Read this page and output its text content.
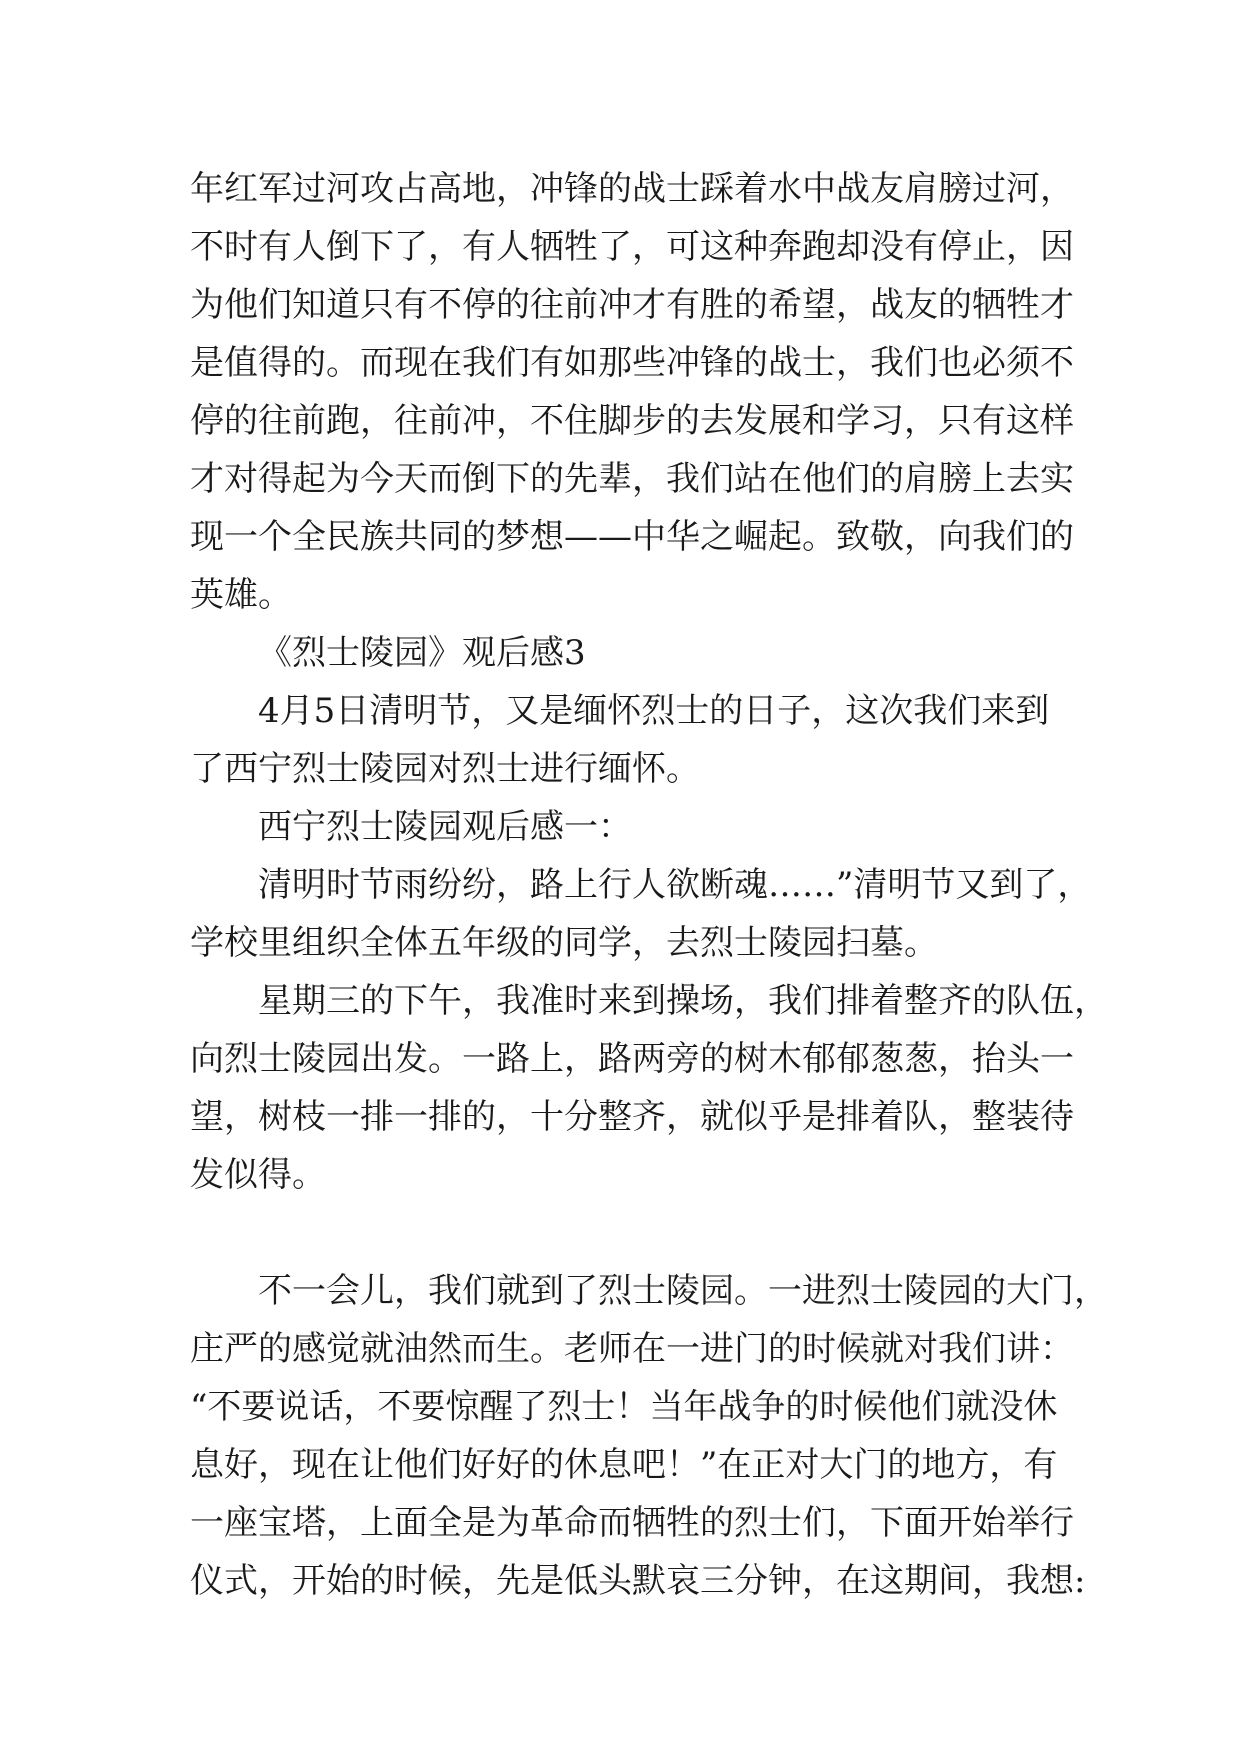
年红军过河攻占高地，冲锋的战士踩着水中战友肩膀过河，
不时有人倒下了，有人牺牲了，可这种奔跑却没有停止，因
为他们知道只有不停的往前冲才有胜的希望，战友的牺牲才
是值得的。而现在我们有如那些冲锋的战士，我们也必须不
停的往前跑，往前冲，不住脚步的去发展和学习，只有这样
才对得起为今天而倒下的先辈，我们站在他们的肩膀上去实
现一个全民族共同的梦想——中华之崛起。致敬，向我们的
英雄。
《烈士陵园》观后感3
4月5日清明节，又是缅怀烈士的日子，这次我们来到
了西宁烈士陵园对烈士进行缅怀。
西宁烈士陵园观后感一：
清明时节雨纷纷，路上行人欲断魂……”清明节又到了，
学校里组织全体五年级的同学，去烈士陵园扫墓。
星期三的下午，我准时来到操场，我们排着整齐的队伍，
向烈士陵园出发。一路上，路两旁的树木郁郁葱葱，抬头一
望，树枝一排一排的，十分整齐，就似乎是排着队，整装待
发似得。
不一会儿，我们就到了烈士陵园。一进烈士陵园的大门，
庄严的感觉就油然而生。老师在一进门的时候就对我们讲：
“不要说话，不要惊醒了烈士！当年战争的时候他们就没休
息好，现在让他们好好的休息吧！”在正对大门的地方，有
一座宝塔，上面全是为革命而牺牲的烈士们，下面开始举行
仪式，开始的时候，先是低头默哀三分钟，在这期间，我想:
